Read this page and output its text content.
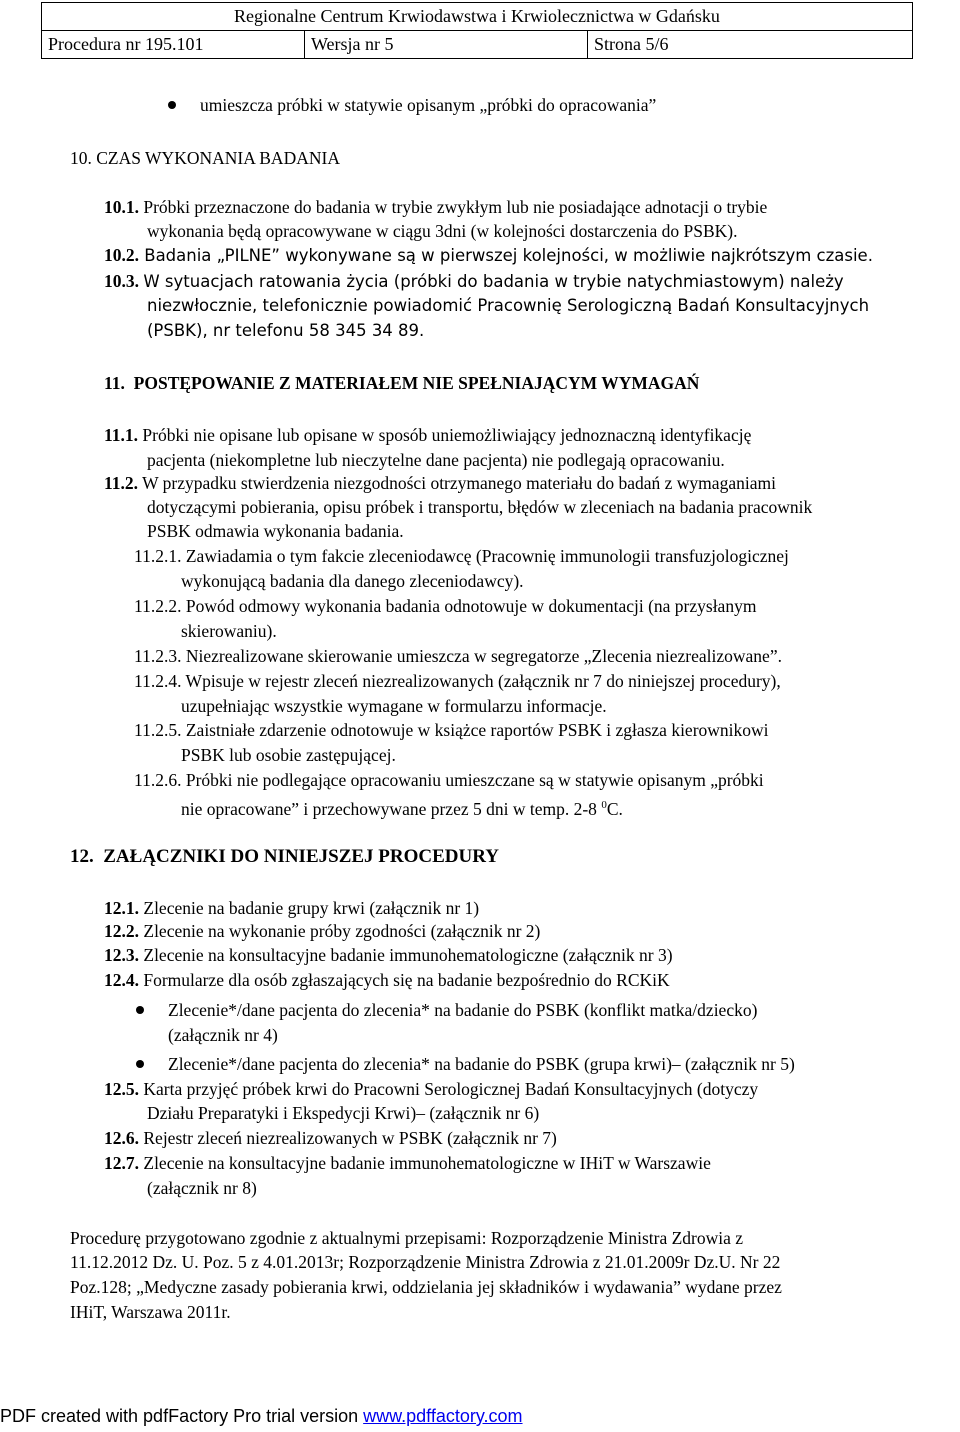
Regionalne Centrum Krwiodawstwa i Krwiolecznictwa w Gdańsku
Procedura nr 195.101	Wersja nr 5	Strona 5/6
umieszcza próbki w statywie opisanym „próbki do opracowania”
10. CZAS WYKONANIA BADANIA
10.1. Próbki przeznaczone do badania w trybie zwykłym lub nie posiadające adnotacji o trybie
wykonania będą opracowywane w ciągu 3dni (w kolejności dostarczenia do PSBK).
10.2. Badania „PILNE” wykonywane są w pierwszej kolejności, w możliwie najkrótszym czasie.
10.3. W sytuacjach ratowania życia (próbki do badania w trybie natychmiastowym) należy
niezwłocznie, telefonicznie powiadomić Pracownię Serologiczną Badań Konsultacyjnych
(PSBK), nr telefonu 58 345 34 89.
11. POSTĘPOWANIE Z MATERIAŁEM NIE SPEŁNIAJĄCYM WYMAGAŃ
11.1. Próbki nie opisane lub opisane w sposób uniemożliwiający jednoznaczną identyfikację
pacjenta (niekompletne lub nieczytelne dane pacjenta) nie podlegają opracowaniu.
11.2. W przypadku stwierdzenia niezgodności otrzymanego materiału do badań z wymaganiami
dotyczącymi pobierania, opisu próbek i transportu, błędów w zleceniach na badania pracownik
PSBK odmawia wykonania badania.
11.2.1. Zawiadamia o tym fakcie zleceniodawcę (Pracownię immunologii transfuzjologicznej
wykonującą badania dla danego zleceniodawcy).
11.2.2. Powód odmowy wykonania badania odnotowuje w dokumentacji (na przysłanym
skierowaniu).
11.2.3. Niezrealizowane skierowanie umieszcza w segregatorze „Zlecenia niezrealizowane”.
11.2.4. Wpisuje w rejestr zleceń niezrealizowanych (załącznik nr 7 do niniejszej procedury),
uzupełniając wszystkie wymagane w formularzu informacje.
11.2.5. Zaistniałe zdarzenie odnotowuje w książce raportów PSBK i zgłasza kierownikowi
PSBK lub osobie zastępującej.
11.2.6. Próbki nie podlegające opracowaniu umieszczane są w statywie opisanym „próbki
nie opracowane” i przechowywane przez 5 dni w temp. 2-8 $^0$C.
12. ZAŁĄCZNIKI DO NINIEJSZEJ PROCEDURY
12.1. Zlecenie na badanie grupy krwi (załącznik nr 1)
12.2. Zlecenie na wykonanie próby zgodności (załącznik nr 2)
12.3. Zlecenie na konsultacyjne badanie immunohematologiczne (załącznik nr 3)
12.4. Formularze dla osób zgłaszających się na badanie bezpośrednio do RCKiK
Zlecenie*/dane pacjenta do zlecenia* na badanie do PSBK (konflikt matka/dziecko)
(załącznik nr 4)
Zlecenie*/dane pacjenta do zlecenia* na badanie do PSBK (grupa krwi)– (załącznik nr 5)
12.5. Karta przyjęć próbek krwi do Pracowni Serologicznej Badań Konsultacyjnych (dotyczy
Działu Preparatyki i Ekspedycji Krwi)– (załącznik nr 6)
12.6. Rejestr zleceń niezrealizowanych w PSBK (załącznik nr 7)
12.7. Zlecenie na konsultacyjne badanie immunohematologiczne w IHiT w Warszawie
(załącznik nr 8)
Procedurę przygotowano zgodnie z aktualnymi przepisami: Rozporządzenie Ministra Zdrowia z
11.12.2012 Dz. U. Poz. 5 z 4.01.2013r; Rozporządzenie Ministra Zdrowia z 21.01.2009r Dz.U. Nr 22
Poz.128; „Medyczne zasady pobierania krwi, oddzielania jej składników i wydawania” wydane przez
IHiT, Warszawa 2011r.
PDF created with pdfFactory Pro trial version www.pdffactory.com
